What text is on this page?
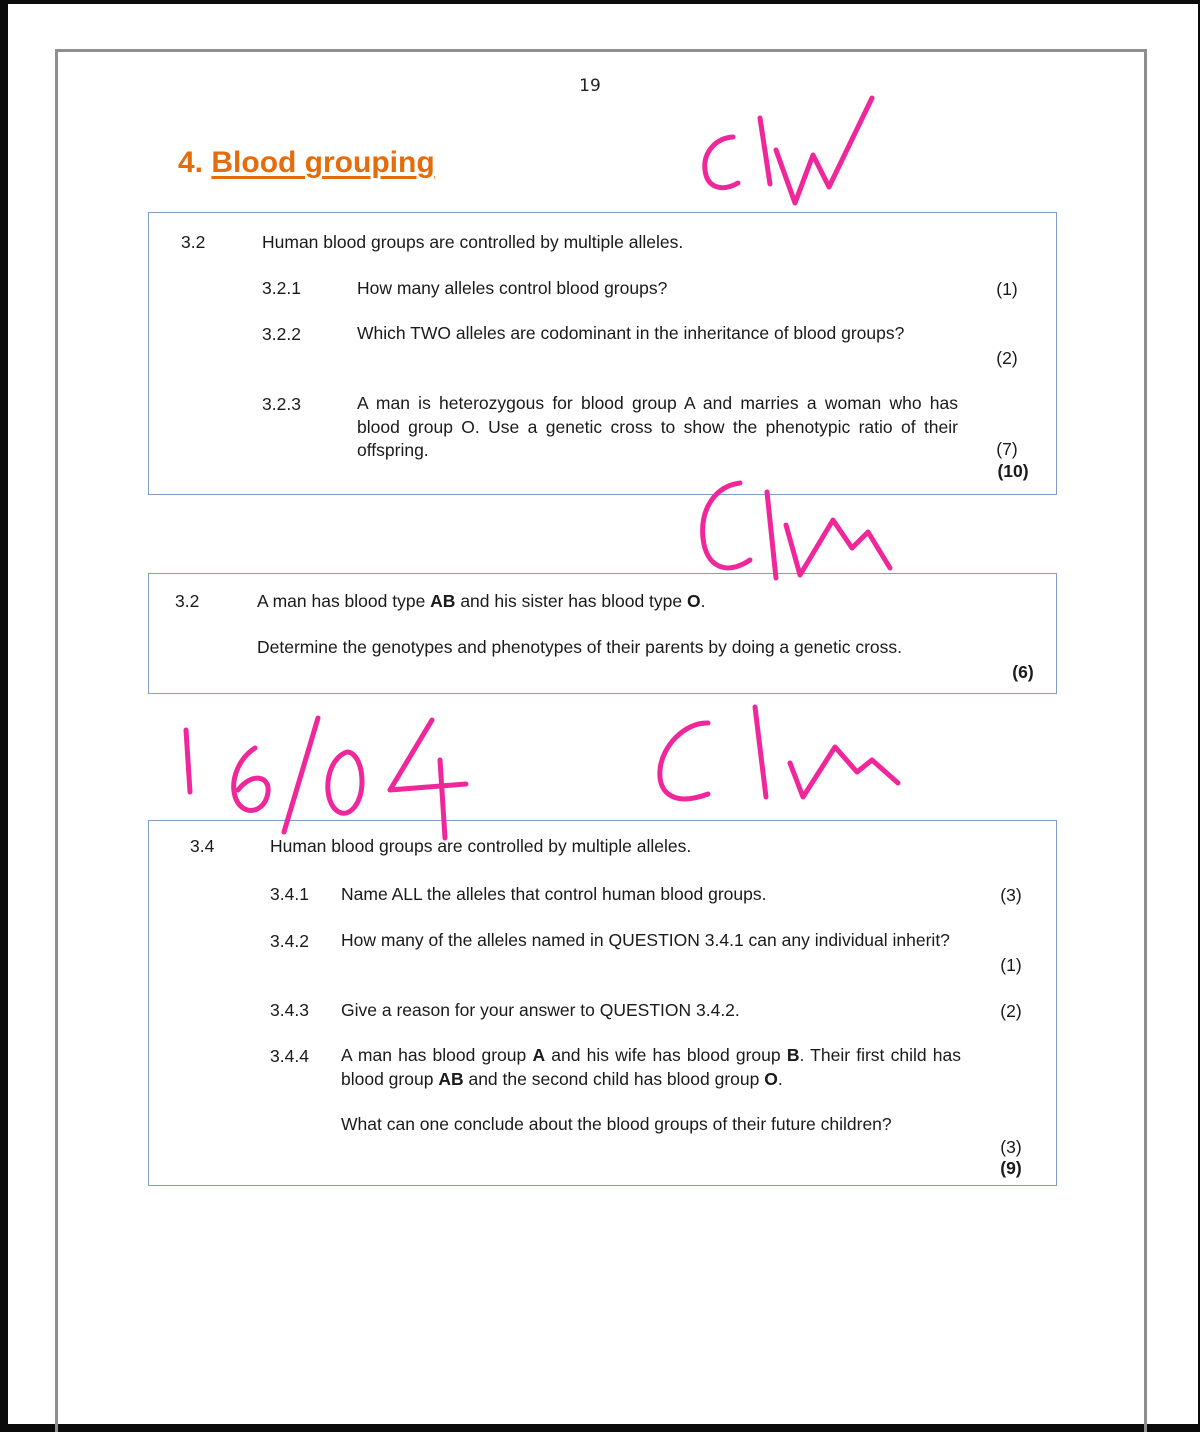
19
4. Blood grouping
3.2	Human blood groups are controlled by multiple alleles.
3.2.1	How many alleles control blood groups?	(1)
3.2.2	Which TWO alleles are codominant in the inheritance of blood groups?
(2)
3.2.3	A man is heterozygous for blood group A and marries a woman who has blood group O. Use a genetic cross to show the phenotypic ratio of their offspring.	(7)
(10)
3.2	A man has blood type AB and his sister has blood type O.
Determine the genotypes and phenotypes of their parents by doing a genetic cross.
(6)
3.4	Human blood groups are controlled by multiple alleles.
3.4.1 Name ALL the alleles that control human blood groups.	(3)
3.4.2 How many of the alleles named in QUESTION 3.4.1 can any individual inherit?
(1)
3.4.3 Give a reason for your answer to QUESTION 3.4.2.	(2)
3.4.4 A man has blood group A and his wife has blood group B. Their first child has blood group AB and the second child has blood group O.
What can one conclude about the blood groups of their future children?
(3)
(9)
